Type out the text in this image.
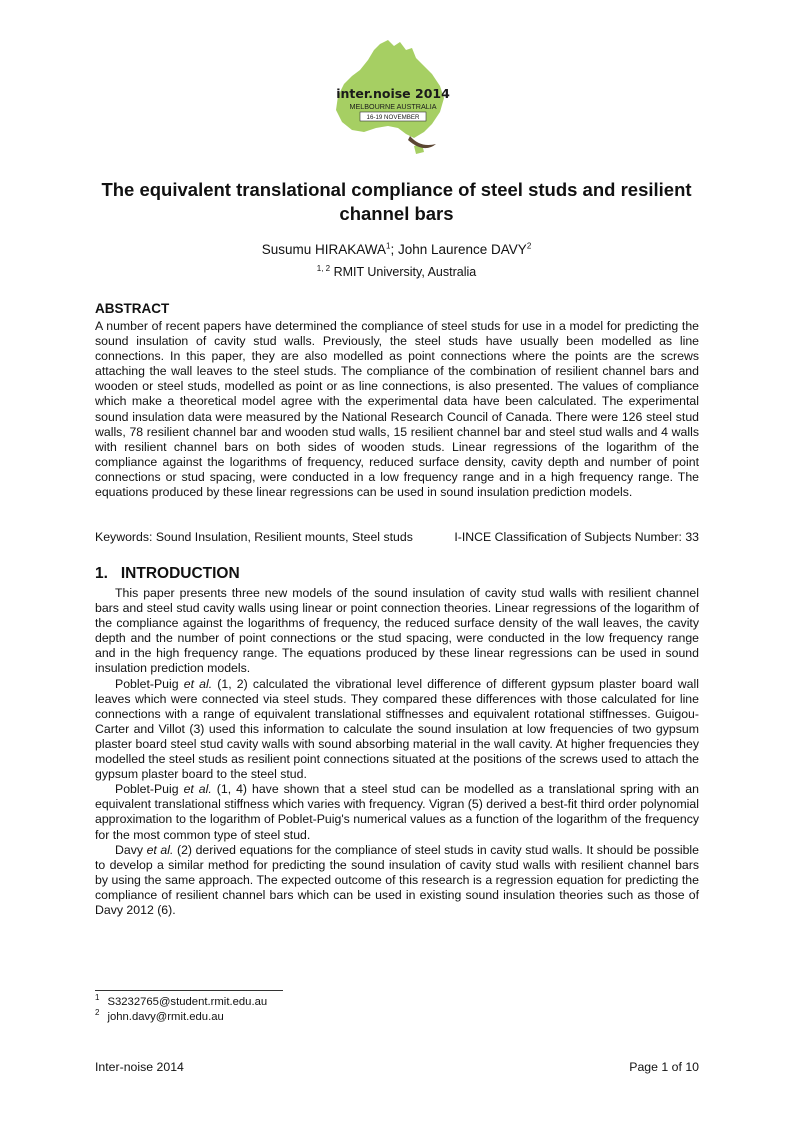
inter.noise 2014
MELBOURNE AUSTRALIA
16-19 NOVEMBER
The equivalent translational compliance of steel studs and resilient channel bars
Susumu HIRAKAWA$^1$; John Laurence DAVY$^2$
$^{1, 2}$ RMIT University, Australia
ABSTRACT

A number of recent papers have determined the compliance of steel studs for use in a model for predicting the sound insulation of cavity stud walls. Previously, the steel studs have usually been modelled as line connections. In this paper, they are also modelled as point connections where the points are the screws attaching the wall leaves to the steel studs. The compliance of the combination of resilient channel bars and wooden or steel studs, modelled as point or as line connections, is also presented. The values of compliance which make a theoretical model agree with the experimental data have been calculated. The experimental sound insulation data were measured by the National Research Council of Canada. There were 126 steel stud walls, 78 resilient channel bar and wooden stud walls, 15 resilient channel bar and steel stud walls and 4 walls with resilient channel bars on both sides of wooden studs. Linear regressions of the logarithm of the compliance against the logarithms of frequency, reduced surface density, cavity depth and number of point connections or stud spacing, were conducted in a low frequency range and in a high frequency range. The equations produced by these linear regressions can be used in sound insulation prediction models.

Keywords: Sound Insulation, Resilient mounts, Steel studs	I-INCE Classification of Subjects Number: 33
1.   INTRODUCTION

This paper presents three new models of the sound insulation of cavity stud walls with resilient channel bars and steel stud cavity walls using linear or point connection theories. Linear regressions of the logarithm of the compliance against the logarithms of frequency, the reduced surface density of the wall leaves, the cavity depth and the number of point connections or the stud spacing, were conducted in the low frequency range and in the high frequency range. The equations produced by these linear regressions can be used in sound insulation prediction models.

Poblet-Puig et al. (1, 2) calculated the vibrational level difference of different gypsum plaster board wall leaves which were connected via steel studs. They compared these differences with those calculated for line connections with a range of equivalent translational stiffnesses and equivalent rotational stiffnesses. Guigou-Carter and Villot (3) used this information to calculate the sound insulation at low frequencies of two gypsum plaster board steel stud cavity walls with sound absorbing material in the wall cavity. At higher frequencies they modelled the steel studs as resilient point connections situated at the positions of the screws used to attach the gypsum plaster board to the steel stud.

Poblet-Puig et al. (1, 4) have shown that a steel stud can be modelled as a translational spring with an equivalent translational stiffness which varies with frequency. Vigran (5) derived a best-fit third order polynomial approximation to the logarithm of Poblet-Puig's numerical values as a function of the logarithm of the frequency for the most common type of steel stud.

Davy et al. (2) derived equations for the compliance of steel studs in cavity stud walls. It should be possible to develop a similar method for predicting the sound insulation of cavity stud walls with resilient channel bars by using the same approach. The expected outcome of this research is a regression equation for predicting the compliance of resilient channel bars which can be used in existing sound insulation theories such as those of Davy 2012 (6).

$^1$ S3232765@student.rmit.edu.au
$^2$ john.davy@rmit.edu.au
Inter-noise 2014	Page 1 of 10
